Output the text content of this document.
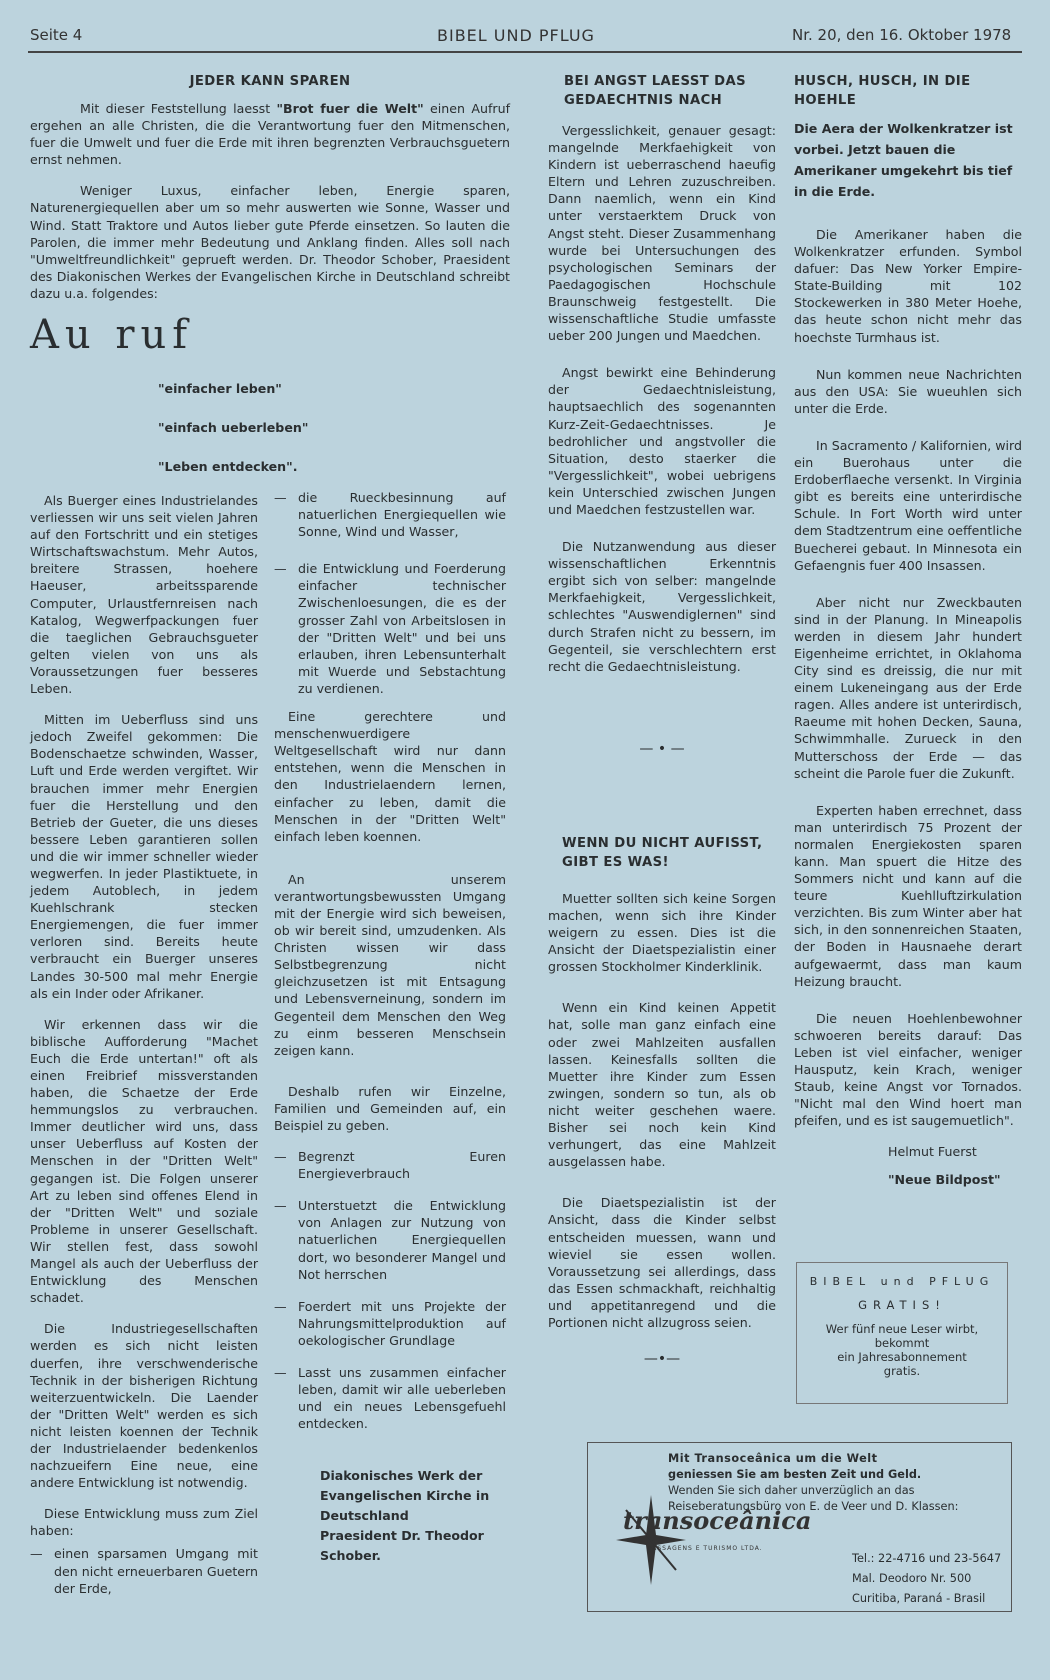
Seite 4	BIBEL UND PFLUG	Nr. 20, den 16. Oktober 1978
JEDER KANN SPAREN

Mit dieser Feststellung laesst "Brot fuer die Welt" einen Aufruf ergehen an alle Christen, die die Verantwortung fuer den Mitmenschen, fuer die Umwelt und fuer die Erde mit ihren begrenzten Verbrauchsguetern ernst nehmen.

Weniger Luxus, einfacher leben, Energie sparen, Naturenergiequellen aber um so mehr auswerten wie Sonne, Wasser und Wind. Statt Traktore und Autos lieber gute Pferde einsetzen. So lauten die Parolen, die immer mehr Bedeutung und Anklang finden. Alles soll nach "Umweltfreundlichkeit" geprueft werden. Dr. Theodor Schober, Praesident des Diakonischen Werkes der Evangelischen Kirche in Deutschland schreibt dazu u.a. folgendes:

Au ruf
"einfacher leben"
"einfach ueberleben"
"Leben entdecken".

Als Buerger eines Industrielandes verliessen wir uns seit vielen Jahren auf den Fortschritt und ein stetiges Wirtschaftswachstum. Mehr Autos, breitere Strassen, hoehere Haeuser, arbeitssparende Computer, Urlaustfernreisen nach Katalog, Wegwerfpackungen fuer die taeglichen Gebrauchsgueter gelten vielen von uns als Voraussetzungen fuer besseres Leben.

Mitten im Ueberfluss sind uns jedoch Zweifel gekommen: Die Bodenschaetze schwinden, Wasser, Luft und Erde werden vergiftet. Wir brauchen immer mehr Energien fuer die Herstellung und den Betrieb der Gueter, die uns dieses bessere Leben garantieren sollen und die wir immer schneller wieder wegwerfen. In jeder Plastiktuete, in jedem Autoblech, in jedem Kuehlschrank stecken Energiemengen, die fuer immer verloren sind. Bereits heute verbraucht ein Buerger unseres Landes 30-500 mal mehr Energie als ein Inder oder Afrikaner.

Wir erkennen dass wir die biblische Aufforderung "Machet Euch die Erde untertan!" oft als einen Freibrief missverstanden haben, die Schaetze der Erde hemmungslos zu verbrauchen. Immer deutlicher wird uns, dass unser Ueberfluss auf Kosten der Menschen in der "Dritten Welt" gegangen ist. Die Folgen unserer Art zu leben sind offenes Elend in der "Dritten Welt" und soziale Probleme in unserer Gesellschaft. Wir stellen fest, dass sowohl Mangel als auch der Ueberfluss der Entwicklung des Menschen schadet.

Die Industriegesellschaften werden es sich nicht leisten duerfen, ihre verschwenderische Technik in der bisherigen Richtung weiterzuentwickeln. Die Laender der "Dritten Welt" werden es sich nicht leisten koennen der Technik der Industrielaender bedenkenlos nachzueifern Eine neue, eine andere Entwicklung ist notwendig.

Diese Entwicklung muss zum Ziel haben:

— einen sparsamen Umgang mit den nicht erneuerbaren Guetern der Erde,
— die Rueckbesinnung auf natuerlichen Energiequellen wie Sonne, Wind und Wasser,
— die Entwicklung und Foerderung einfacher technischer Zwischenloesungen, die es der grosser Zahl von Arbeitslosen in der "Dritten Welt" und bei uns erlauben, ihren Lebensunterhalt mit Wuerde und Sebstachtung zu verdienen.

Eine gerechtere und menschenwuerdigere Weltgesellschaft wird nur dann entstehen, wenn die Menschen in den Industrielaendern lernen, einfacher zu leben, damit die Menschen in der "Dritten Welt" einfach leben koennen.

An unserem verantwortungsbewussten Umgang mit der Energie wird sich beweisen, ob wir bereit sind, umzudenken. Als Christen wissen wir dass Selbstbegrenzung nicht gleichzusetzen ist mit Entsagung und Lebensverneinung, sondern im Gegenteil dem Menschen den Weg zu einm besseren Menschsein zeigen kann.

Deshalb rufen wir Einzelne, Familien und Gemeinden auf, ein Beispiel zu geben.

— Begrenzt Euren Energieverbrauch
— Unterstuetzt die Entwicklung von Anlagen zur Nutzung von natuerlichen Energiequellen dort, wo besonderer Mangel und Not herrschen
— Foerdert mit uns Projekte der Nahrungsmittelproduktion auf oekologischer Grundlage
— Lasst uns zusammen einfacher leben, damit wir alle ueberleben und ein neues Lebensgefuehl entdecken.
Diakonisches Werk der
Evangelischen Kirche in
Deutschland
Praesident Dr. Theodor
Schober.
BEI ANGST LAESST DAS GEDAECHTNIS NACH

Vergesslichkeit, genauer gesagt: mangelnde Merkfaehigkeit von Kindern ist ueberraschend haeufig Eltern und Lehren zuzuschreiben. Dann naemlich, wenn ein Kind unter verstaerktem Druck von Angst steht. Dieser Zusammenhang wurde bei Untersuchungen des psychologischen Seminars der Paedagogischen Hochschule Braunschweig festgestellt. Die wissenschaftliche Studie umfasste ueber 200 Jungen und Maedchen.

Angst bewirkt eine Behinderung der Gedaechtnisleistung, hauptsaechlich des sogenannten Kurz-Zeit-Gedaechtnisses. Je bedrohlicher und angstvoller die Situation, desto staerker die "Vergesslichkeit", wobei uebrigens kein Unterschied zwischen Jungen und Maedchen festzustellen war.

Die Nutzanwendung aus dieser wissenschaftlichen Erkenntnis ergibt sich von selber: mangelnde Merkfaehigkeit, Vergesslichkeit, schlechtes "Auswendiglernen" sind durch Strafen nicht zu bessern, im Gegenteil, sie verschlechtern erst recht die Gedaechtnisleistung.

— • —
WENN DU NICHT AUFISST, GIBT ES WAS!

Muetter sollten sich keine Sorgen machen, wenn sich ihre Kinder weigern zu essen. Dies ist die Ansicht der Diaetspezialistin einer grossen Stockholmer Kinderklinik.

Wenn ein Kind keinen Appetit hat, solle man ganz einfach eine oder zwei Mahlzeiten ausfallen lassen. Keinesfalls sollten die Muetter ihre Kinder zum Essen zwingen, sondern so tun, als ob nicht weiter geschehen waere. Bisher sei noch kein Kind verhungert, das eine Mahlzeit ausgelassen habe.

Die Diaetspezialistin ist der Ansicht, dass die Kinder selbst entscheiden muessen, wann und wieviel sie essen wollen. Voraussetzung sei allerdings, dass das Essen schmackhaft, reichhaltig und appetitanregend und die Portionen nicht allzugross seien.

—•—
HUSCH, HUSCH, IN DIE HOEHLE

Die Aera der Wolkenkratzer ist vorbei. Jetzt bauen die Amerikaner umgekehrt bis tief in die Erde.

Die Amerikaner haben die Wolkenkratzer erfunden. Symbol dafuer: Das New Yorker Empire-State-Building mit 102 Stockewerken in 380 Meter Hoehe, das heute schon nicht mehr das hoechste Turmhaus ist.

Nun kommen neue Nachrichten aus den USA: Sie wueuhlen sich unter die Erde.

In Sacramento / Kalifornien, wird ein Buerohaus unter die Erdoberflaeche versenkt. In Virginia gibt es bereits eine unterirdische Schule. In Fort Worth wird unter dem Stadtzentrum eine oeffentliche Buecherei gebaut. In Minnesota ein Gefaengnis fuer 400 Insassen.

Aber nicht nur Zweckbauten sind in der Planung. In Mineapolis werden in diesem Jahr hundert Eigenheime errichtet, in Oklahoma City sind es dreissig, die nur mit einem Lukeneingang aus der Erde ragen. Alles andere ist unterirdisch, Raeume mit hohen Decken, Sauna, Schwimmhalle. Zurueck in den Mutterschoss der Erde — das scheint die Parole fuer die Zukunft.

Experten haben errechnet, dass man unterirdisch 75 Prozent der normalen Energiekosten sparen kann. Man spuert die Hitze des Sommers nicht und kann auf die teure Kuehlluftzirkulation verzichten. Bis zum Winter aber hat sich, in den sonnenreichen Staaten, der Boden in Hausnaehe derart aufgewaermt, dass man kaum Heizung braucht.

Die neuen Hoehlenbewohner schwoeren bereits darauf: Das Leben ist viel einfacher, weniger Hausputz, kein Krach, weniger Staub, keine Angst vor Tornados. "Nicht mal den Wind hoert man pfeifen, und es ist saugemuetlich".

Helmut Fuerst
"Neue Bildpost"
BIBEL und PFLUG
GRATIS!
Wer fünf neue Leser wirbt,
bekommt
ein Jahresabonnement
gratis.
Mit Transoceânica um die Welt
geniessen Sie am besten Zeit und Geld.
Wenden Sie sich daher unverzüglich an das
Reiseberatungsbüro von E. de Veer und D. Klassen:
transoceânica
PASSAGENS E TURISMO LTDA.
Tel.: 22-4716 und 23-5647
Mal. Deodoro Nr. 500
Curitiba, Paraná - Brasil
